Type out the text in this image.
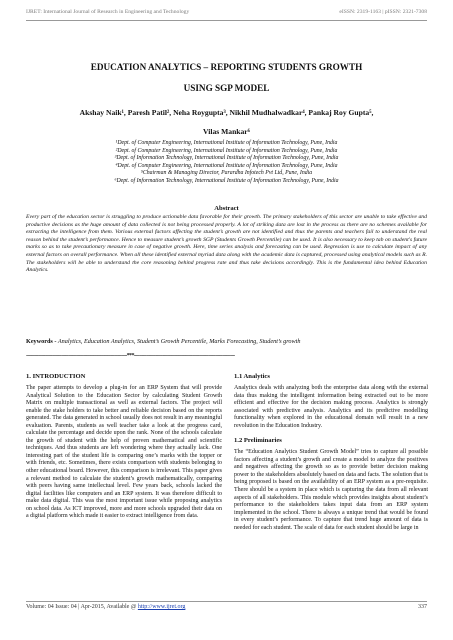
IJRET: International Journal of Research in Engineering and Technology	eISSN: 2319-1163 | pISSN: 2321-7308
EDUCATION ANALYTICS – REPORTING STUDENTS GROWTH
USING SGP MODEL
Akshay Naik¹, Paresh Patil², Neha Roygupta³, Nikhil Mudhalwadkar⁴, Pankaj Roy Gupta⁵,
Vilas Mankar⁶
¹Dept. of Computer Engineering, International Institute of Information Technology, Pune, India
²Dept. of Computer Engineering, International Institute of Information Technology, Pune, India
³Dept. of Information Technology, International Institute of Information Technology, Pune, India
⁴Dept. of Computer Engineering, International Institute of Information Technology, Pune, India
⁵Chairman & Managing Director, Parardha Infotech Pvt Ltd, Pune, India
⁶Dept. of Information Technology, International Institute of Information Technology, Pune, India
Abstract

Every part of the education sector is struggling to produce actionable data favorable for their growth. The primary stakeholders of this sector are unable to take effective and productive decisions as the huge amount of data collected is not being processed properly. A lot of striking data are lost in the process as there are no schemes available for extracting the intelligence from them. Various external factors affecting the student’s growth are not identified and thus the parents and teachers fail to understand the real reason behind the student’s performance. Hence to measure student’s growth SGP (Students Growth Percentile) can be used. It is also necessary to keep tab on student's future marks so as to take precautionary measure in case of negative growth. Here, time series analysis and forecasting can be used. Regression is use to calculate impact of any external factors on overall performance. When all these identified external myriad data along with the academic data is captured, processed using analytical models such as R. The stakeholders will be able to understand the core reasoning behind progress rate and thus take decisions accordingly. This is the fundamental idea behind Education Analytics.

Keywords - Analytics, Education Analytics, Student’s Growth Percentile, Marks Forecasting, Student’s growth

------------------------------------------------------------------------***------------------------------------------------------------------------
1. INTRODUCTION

The paper attempts to develop a plug-in for an ERP System that will provide Analytical Solution to the Education Sector by calculating Student Growth Matrix on multiple transactional as well as external factors. The project will enable the stake holders to take better and reliable decision based on the reports generated. The data generated in school usually does not result in any meaningful evaluation. Parents, students as well teacher take a look at the progress card, calculate the percentage and decide upon the rank. None of the schools calculate the growth of student with the help of proven mathematical and scientific techniques. And thus students are left wondering where they actually lack. One interesting part of the student life is comparing one’s marks with the topper or with friends, etc. Sometimes, there exists comparison with students belonging to other educational board. However, this comparison is irrelevant. This paper gives a relevant method to calculate the student’s growth mathematically, comparing with peers having same intellectual level. Few years back, schools lacked the digital facilities like computers and an ERP system. It was therefore difficult to make data digital. This was the most important issue while proposing analytics on school data. As ICT improved, more and more schools upgraded their data on a digital platform which made it easier to extract intelligence from data.

1.1 Analytics

Analytics deals with analyzing both the enterprise data along with the external data thus making the intelligent information being extracted out to be more efficient and effective for the decision making process. Analytics is strongly associated with predictive analysis. Analytics and its predictive modelling functionality when explored in the educational domain will result in a new revolution in the Education Industry.

1.2 Preliminaries

The “Education Analytics Student Growth Model” tries to capture all possible factors affecting a student’s growth and create a model to analyze the positives and negatives affecting the growth so as to provide better decision making power to the stakeholders absolutely based on data and facts. The solution that is being proposed is based on the availability of an ERP system as a pre-requisite. There should be a system in place which is capturing the data from all relevant aspects of all stakeholders. This module which provides insights about student’s performance to the stakeholders takes input data from an ERP system implemented in the school. There is always a unique trend that would be found in every student’s performance. To capture that trend huge amount of data is needed for each student. The scale of data for each student should be large in

Volume: 04 Issue: 04 | Apr-2015, Available @ http://www.ijret.org	337
